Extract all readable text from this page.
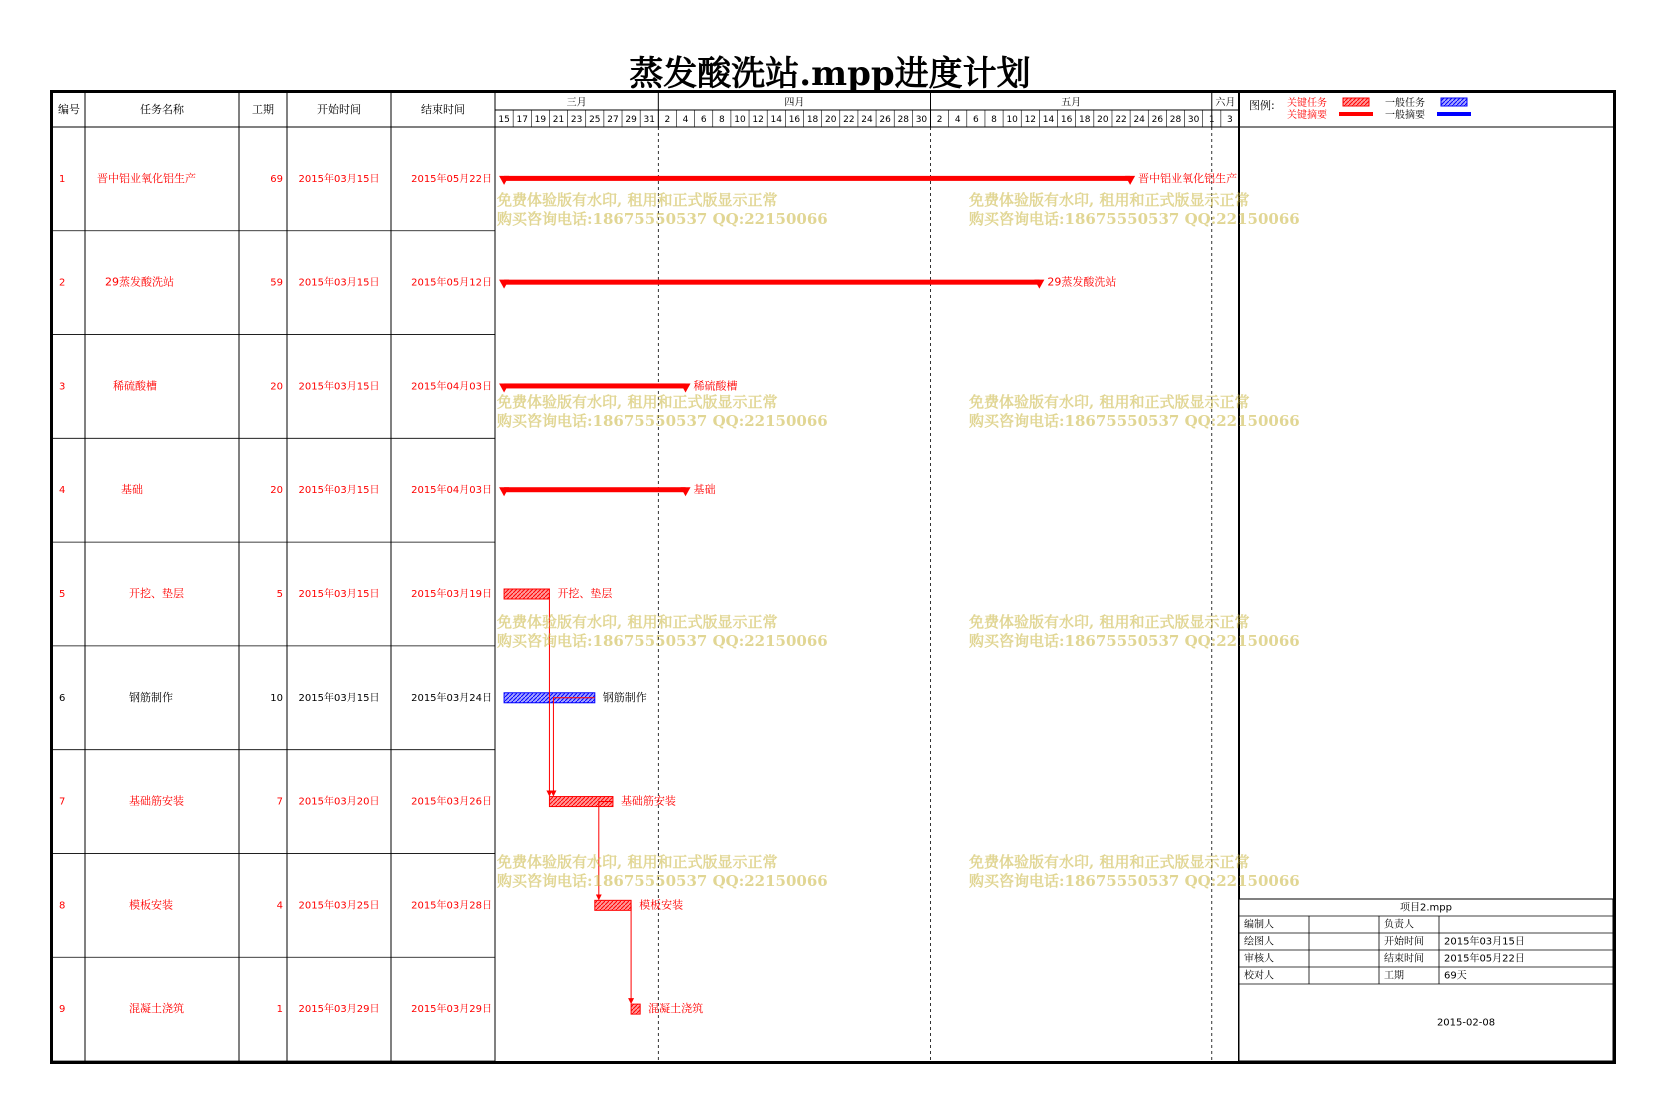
蒸发酸洗站.mpp进度计划
编号	任务名称	工期	开始时间	结束时间	三月	四月	五月	六月
15 17 19 21 23 25 27 29 31 2 4 6 8 10 12 14 16 18 20 22 24 26 28 30 2 4 6 8 10 12 14 16 18 20 22 24 26 28 30 1 3
1	晋中铝业氧化铝生产	69 2015年03月15日	2015年05月22日	晋中铝业氧化铝生产
2	29蒸发酸洗站	59 2015年03月15日	2015年05月12日	29蒸发酸洗站
3	稀硫酸槽	20 2015年03月15日	2015年04月03日	稀硫酸槽
4	基础	20 2015年03月15日	2015年04月03日	基础
5	开挖、垫层	5 2015年03月15日	2015年03月19日	开挖、垫层
6	钢筋制作	10 2015年03月15日	2015年03月24日	钢筋制作
7	基础筋安装	7 2015年03月20日	2015年03月26日	基础筋安装
8	模板安装	4 2015年03月25日	2015年03月28日	模板安装
9	混凝土浇筑	1 2015年03月29日	2015年03月29日	混凝土浇筑
图例: 关键任务
关键摘要
一般任务
一般摘要
项目2.mpp
编制人	负责人
绘图人	开始时间 2015年03月15日
审核人	结束时间 2015年05月22日
校对人	工期	69天
2015-02-08
免费体验版有水印, 租用和正式版显示正常
购买咨询电话:18675550537 QQ:22150066
免费体验版有水印, 租用和正式版显示正常
购买咨询电话:18675550537 QQ:22150066
免费体验版有水印, 租用和正式版显示正常
购买咨询电话:18675550537 QQ:22150066
免费体验版有水印, 租用和正式版显示正常
购买咨询电话:18675550537 QQ:22150066
免费体验版有水印, 租用和正式版显示正常
购买咨询电话:18675550537 QQ:22150066
免费体验版有水印, 租用和正式版显示正常
购买咨询电话:18675550537 QQ:22150066
免费体验版有水印, 租用和正式版显示正常
购买咨询电话:18675550537 QQ:22150066
免费体验版有水印, 租用和正式版显示正常
购买咨询电话:18675550537 QQ:22150066
